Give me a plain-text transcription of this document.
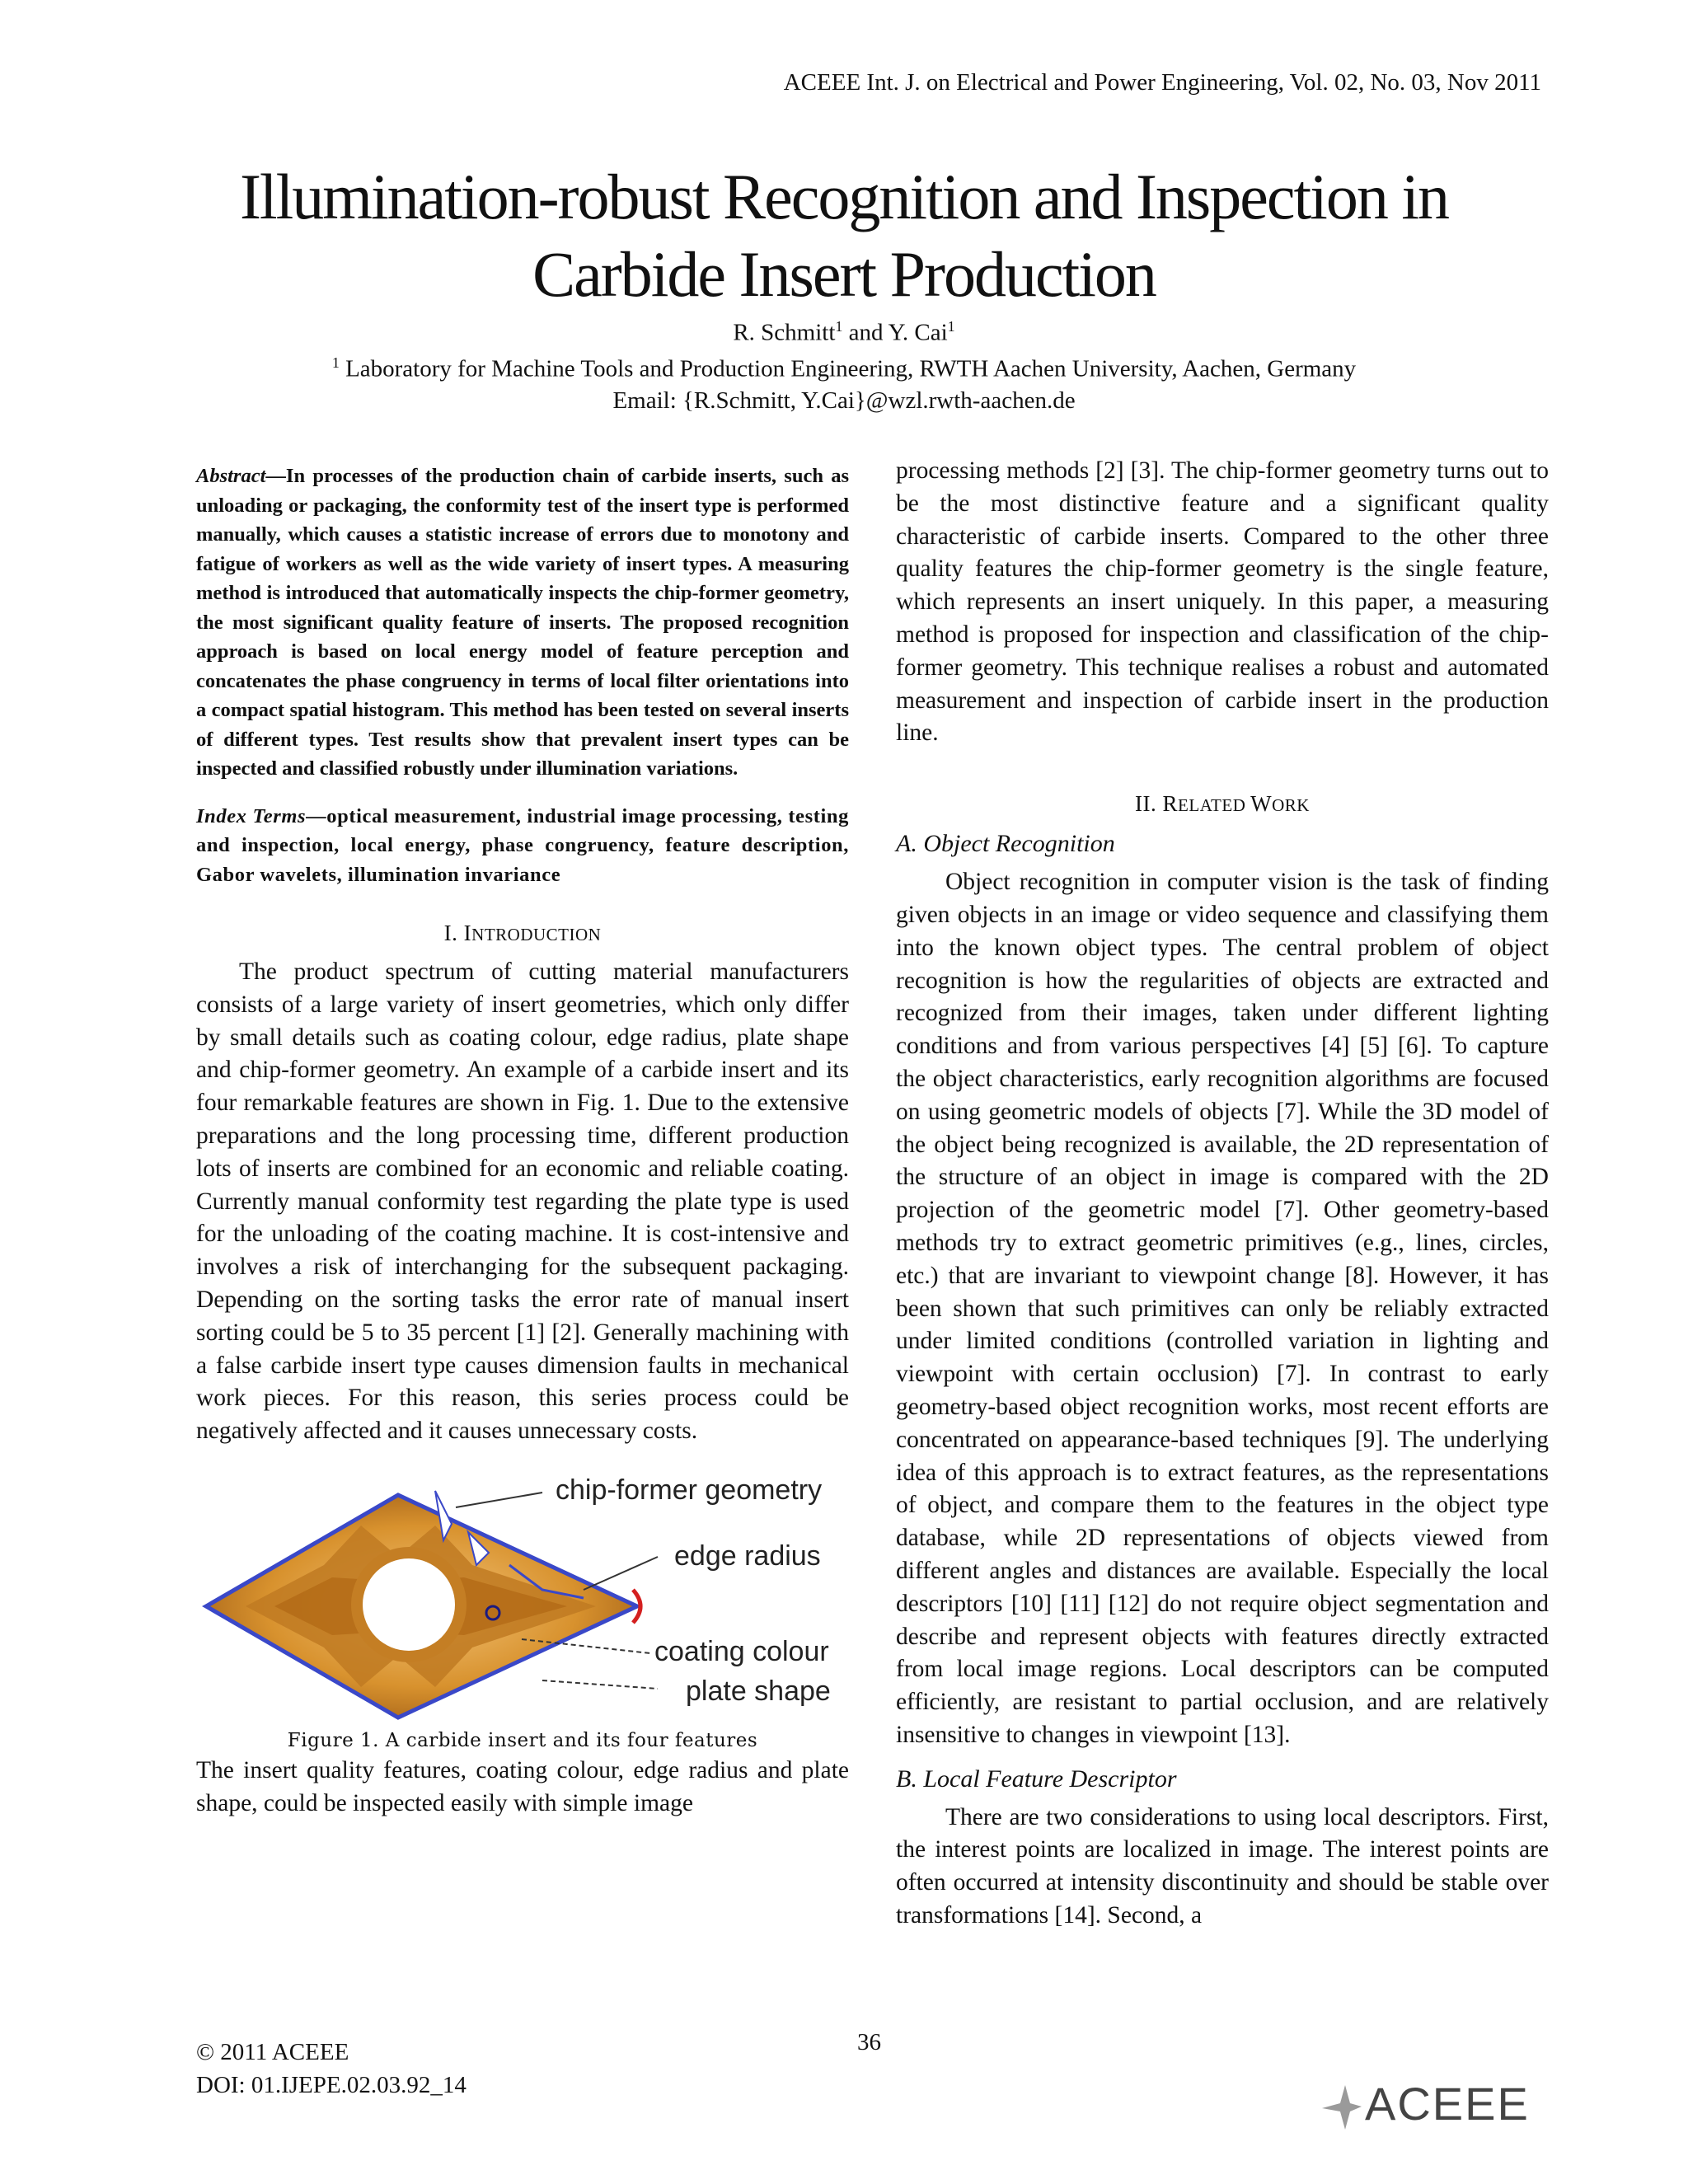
ACEEE Int. J. on Electrical and Power Engineering, Vol. 02, No. 03, Nov 2011
Illumination-robust Recognition and Inspection in
Carbide Insert Production
R. Schmitt$^1$ and Y. Cai$^1$
$^1$ Laboratory for Machine Tools and Production Engineering, RWTH Aachen University, Aachen, Germany
Email: {R.Schmitt, Y.Cai}@wzl.rwth-aachen.de
Abstract—In processes of the production chain of carbide inserts, such as unloading or packaging, the conformity test of the insert type is performed manually, which causes a statistic increase of errors due to monotony and fatigue of workers as well as the wide variety of insert types. A measuring method is introduced that automatically inspects the chip-former geometry, the most significant quality feature of inserts. The proposed recognition approach is based on local energy model of feature perception and concatenates the phase congruency in terms of local filter orientations into a compact spatial histogram. This method has been tested on several inserts of different types. Test results show that prevalent insert types can be inspected and classified robustly under illumination variations.
Index Terms—optical measurement, industrial image processing, testing and inspection, local energy, phase congruency, feature description, Gabor wavelets, illumination invariance
I. INTRODUCTION

The product spectrum of cutting material manufacturers consists of a large variety of insert geometries, which only differ by small details such as coating colour, edge radius, plate shape and chip-former geometry. An example of a carbide insert and its four remarkable features are shown in Fig. 1. Due to the extensive preparations and the long processing time, different production lots of inserts are combined for an economic and reliable coating. Currently manual conformity test regarding the plate type is used for the unloading of the coating machine. It is cost-intensive and involves a risk of interchanging for the subsequent packaging. Depending on the sorting tasks the error rate of manual insert sorting could be 5 to 35 percent [1] [2]. Generally machining with a false carbide insert type causes dimension faults in mechanical work pieces. For this reason, this series process could be negatively affected and it causes unnecessary costs.

chip-former geometry
edge radius
coating colour
plate shape
Figure 1. A carbide insert and its four features

The insert quality features, coating colour, edge radius and plate shape, could be inspected easily with simple image

processing methods [2] [3]. The chip-former geometry turns out to be the most distinctive feature and a significant quality characteristic of carbide inserts. Compared to the other three quality features the chip-former geometry is the single feature, which represents an insert uniquely. In this paper, a measuring method is proposed for inspection and classification of the chip-former geometry. This technique realises a robust and automated measurement and inspection of carbide insert in the production line.

II. RELATED WORK
A. Object Recognition

Object recognition in computer vision is the task of finding given objects in an image or video sequence and classifying them into the known object types. The central problem of object recognition is how the regularities of objects are extracted and recognized from their images, taken under different lighting conditions and from various perspectives [4] [5] [6]. To capture the object characteristics, early recognition algorithms are focused on using geometric models of objects [7]. While the 3D model of the object being recognized is available, the 2D representation of the structure of an object in image is compared with the 2D projection of the geometric model [7]. Other geometry-based methods try to extract geometric primitives (e.g., lines, circles, etc.) that are invariant to viewpoint change [8]. However, it has been shown that such primitives can only be reliably extracted under limited conditions (controlled variation in lighting and viewpoint with certain occlusion) [7]. In contrast to early geometry-based object recognition works, most recent efforts are concentrated on appearance-based techniques [9]. The underlying idea of this approach is to extract features, as the representations of object, and compare them to the features in the object type database, while 2D representations of objects viewed from different angles and distances are available. Especially the local descriptors [10] [11] [12] do not require object segmentation and describe and represent objects with features directly extracted from local image regions. Local descriptors can be computed efficiently, are resistant to partial occlusion, and are relatively insensitive to changes in viewpoint [13].

B. Local Feature Descriptor

There are two considerations to using local descriptors. First, the interest points are localized in image. The interest points are often occurred at intensity discontinuity and should be stable over transformations [14]. Second, a

© 2011 ACEEE
DOI: 01.IJEPE.02.03.92_14
36
ACEEE
